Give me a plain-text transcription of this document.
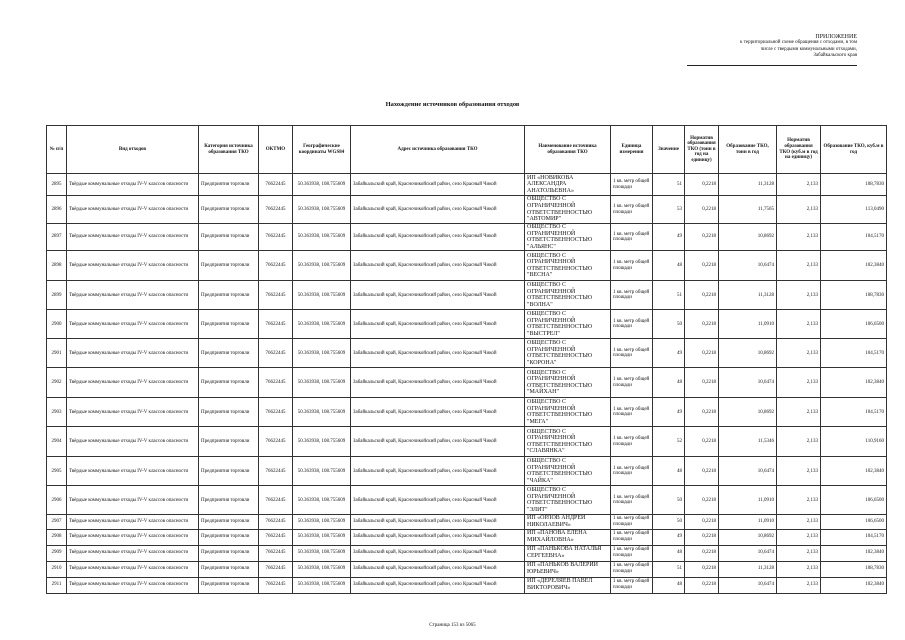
ПРИЛОЖЕНИЕ
к территориальной схеме обращения с отходами, в том
числе с твердыми коммунальными отходами,
Забайкальского края
Нахождение источников образования отходов
№ п/п	Вид отходов	Категория источника образования ТКО	ОКТМО	Географические координаты WGS84	Адрес источника образования ТКО	Наименование источника образования ТКО	Единица измерения	Значение	Норматив образования ТКО (тонн в год на единицу)	Образование ТКО, тонн в год	Норматив образования ТКО (куб.м в год на единицу)	Образование ТКО, куб.м в год
2895	Твёрдые коммунальные отходы IV-V классов опасности	Предприятия торговли	76622445	50.363938, 108.755609	Забайкальский край, Красночикойский район, село Красный Чикой	ИП «НОВИКОВА АЛЕКСАНДРА АНАТОЛЬЕВНА»	1 кв. метр общей площади	51	0,2218	11,3128	2,133	108,7830
2896	Твёрдые коммунальные отходы IV-V классов опасности	Предприятия торговли	76622445	50.363938, 108.755609	Забайкальский край, Красночикойский район, село Красный Чикой	ОБЩЕСТВО С ОГРАНИЧЕННОЙ ОТВЕТСТВЕННОСТЬЮ "АВТОМИР"	1 кв. метр общей площади	53	0,2218	11,7565	2,133	113,0490
2897	Твёрдые коммунальные отходы IV-V классов опасности	Предприятия торговли	76622445	50.363938, 108.755609	Забайкальский край, Красночикойский район, село Красный Чикой	ОБЩЕСТВО С ОГРАНИЧЕННОЙ ОТВЕТСТВЕННОСТЬЮ "АЛЬЯНС"	1 кв. метр общей площади	49	0,2218	10,8692	2,133	104,5170
2898	Твёрдые коммунальные отходы IV-V классов опасности	Предприятия торговли	76622445	50.363938, 108.755609	Забайкальский край, Красночикойский район, село Красный Чикой	ОБЩЕСТВО С ОГРАНИЧЕННОЙ ОТВЕТСТВЕННОСТЬЮ "ВЕСНА"	1 кв. метр общей площади	48	0,2218	10,6474	2,133	102,3840
2899	Твёрдые коммунальные отходы IV-V классов опасности	Предприятия торговли	76622445	50.363938, 108.755609	Забайкальский край, Красночикойский район, село Красный Чикой	ОБЩЕСТВО С ОГРАНИЧЕННОЙ ОТВЕТСТВЕННОСТЬЮ "ВОЛНА"	1 кв. метр общей площади	51	0,2218	11,3128	2,133	108,7830
2900	Твёрдые коммунальные отходы IV-V классов опасности	Предприятия торговли	76622445	50.363938, 108.755609	Забайкальский край, Красночикойский район, село Красный Чикой	ОБЩЕСТВО С ОГРАНИЧЕННОЙ ОТВЕТСТВЕННОСТЬЮ "ВЫСТРЕЛ"	1 кв. метр общей площади	50	0,2218	11,0910	2,133	106,6500
2901	Твёрдые коммунальные отходы IV-V классов опасности	Предприятия торговли	76622445	50.363938, 108.755609	Забайкальский край, Красночикойский район, село Красный Чикой	ОБЩЕСТВО С ОГРАНИЧЕННОЙ ОТВЕТСТВЕННОСТЬЮ "КОРОНА"	1 кв. метр общей площади	49	0,2218	10,8692	2,133	104,5170
2902	Твёрдые коммунальные отходы IV-V классов опасности	Предприятия торговли	76622445	50.363938, 108.755609	Забайкальский край, Красночикойский район, село Красный Чикой	ОБЩЕСТВО С ОГРАНИЧЕННОЙ ОТВЕТСТВЕННОСТЬЮ "МАЙХАН"	1 кв. метр общей площади	48	0,2218	10,6474	2,133	102,3840
2903	Твёрдые коммунальные отходы IV-V классов опасности	Предприятия торговли	76622445	50.363938, 108.755609	Забайкальский край, Красночикойский район, село Красный Чикой	ОБЩЕСТВО С ОГРАНИЧЕННОЙ ОТВЕТСТВЕННОСТЬЮ "МЕГА"	1 кв. метр общей площади	49	0,2218	10,8692	2,133	104,5170
2904	Твёрдые коммунальные отходы IV-V классов опасности	Предприятия торговли	76622445	50.363938, 108.755609	Забайкальский край, Красночикойский район, село Красный Чикой	ОБЩЕСТВО С ОГРАНИЧЕННОЙ ОТВЕТСТВЕННОСТЬЮ "СЛАВЯНКА"	1 кв. метр общей площади	52	0,2218	11,5346	2,133	110,9160
2905	Твёрдые коммунальные отходы IV-V классов опасности	Предприятия торговли	76622445	50.363938, 108.755609	Забайкальский край, Красночикойский район, село Красный Чикой	ОБЩЕСТВО С ОГРАНИЧЕННОЙ ОТВЕТСТВЕННОСТЬЮ "ЧАЙКА"	1 кв. метр общей площади	48	0,2218	10,6474	2,133	102,3840
2906	Твёрдые коммунальные отходы IV-V классов опасности	Предприятия торговли	76622445	50.363938, 108.755609	Забайкальский край, Красночикойский район, село Красный Чикой	ОБЩЕСТВО С ОГРАНИЧЕННОЙ ОТВЕТСТВЕННОСТЬЮ "ЭЛИТ"	1 кв. метр общей площади	50	0,2218	11,0910	2,133	106,6500
2907	Твёрдые коммунальные отходы IV-V классов опасности	Предприятия торговли	76622445	50.363938, 108.755609	Забайкальский край, Красночикойский район, село Красный Чикой	ИП «ОРЛОВ АНДРЕЙ НИКОЛАЕВИЧ»	1 кв. метр общей площади	50	0,2218	11,0910	2,133	106,6500
2908	Твёрдые коммунальные отходы IV-V классов опасности	Предприятия торговли	76622445	50.363938, 108.755609	Забайкальский край, Красночикойский район, село Красный Чикой	ИП «ПАНОВА ЕЛЕНА МИХАЙЛОВНА»	1 кв. метр общей площади	49	0,2218	10,8692	2,133	104,5170
2909	Твёрдые коммунальные отходы IV-V классов опасности	Предприятия торговли	76622445	50.363938, 108.755609	Забайкальский край, Красночикойский район, село Красный Чикой	ИП «ПАНЬКОВА НАТАЛЬЯ СЕРГЕЕВНА»	1 кв. метр общей площади	48	0,2218	10,6474	2,133	102,3840
2910	Твёрдые коммунальные отходы IV-V классов опасности	Предприятия торговли	76622445	50.363938, 108.755609	Забайкальский край, Красночикойский район, село Красный Чикой	ИП «ПАНЬКОВ ВАЛЕРИЙ ЮРЬЕВИЧ»	1 кв. метр общей площади	51	0,2218	11,3128	2,133	108,7830
2911	Твёрдые коммунальные отходы IV-V классов опасности	Предприятия торговли	76622445	50.363938, 108.755609	Забайкальский край, Красночикойский район, село Красный Чикой	ИП «ДЕРЕЛЯЕВ ПАВЕЛ ВИКТОРОВИЧ»	1 кв. метр общей площади	48	0,2218	10,6474	2,133	102,3840
Страница 153 из 5065
